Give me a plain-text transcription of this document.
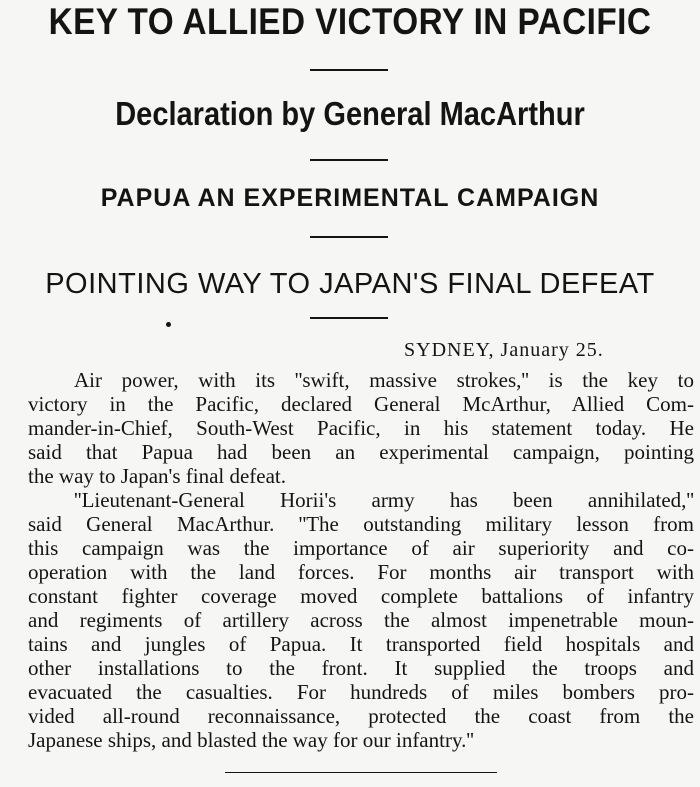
KEY TO ALLIED VICTORY IN PACIFIC
Declaration by General MacArthur
PAPUA AN EXPERIMENTAL CAMPAIGN
POINTING WAY TO JAPAN'S FINAL DEFEAT
SYDNEY, January 25.
Air power, with its ''swift, massive strokes,'' is the key to
victory in the Pacific, declared General McArthur, Allied Com-
mander-in-Chief, South-West Pacific, in his statement today. He
said that Papua had been an experimental campaign, pointing
the way to Japan's final defeat.
''Lieutenant-General Horii's army has been annihilated,''
said General MacArthur. ''The outstanding military lesson from
this campaign was the importance of air superiority and co-
operation with the land forces. For months air transport with
constant fighter coverage moved complete battalions of infantry
and regiments of artillery across the almost impenetrable moun-
tains and jungles of Papua. It transported field hospitals and
other installations to the front. It supplied the troops and
evacuated the casualties. For hundreds of miles bombers pro-
vided all-round reconnaissance, protected the coast from the
Japanese ships, and blasted the way for our infantry.''
